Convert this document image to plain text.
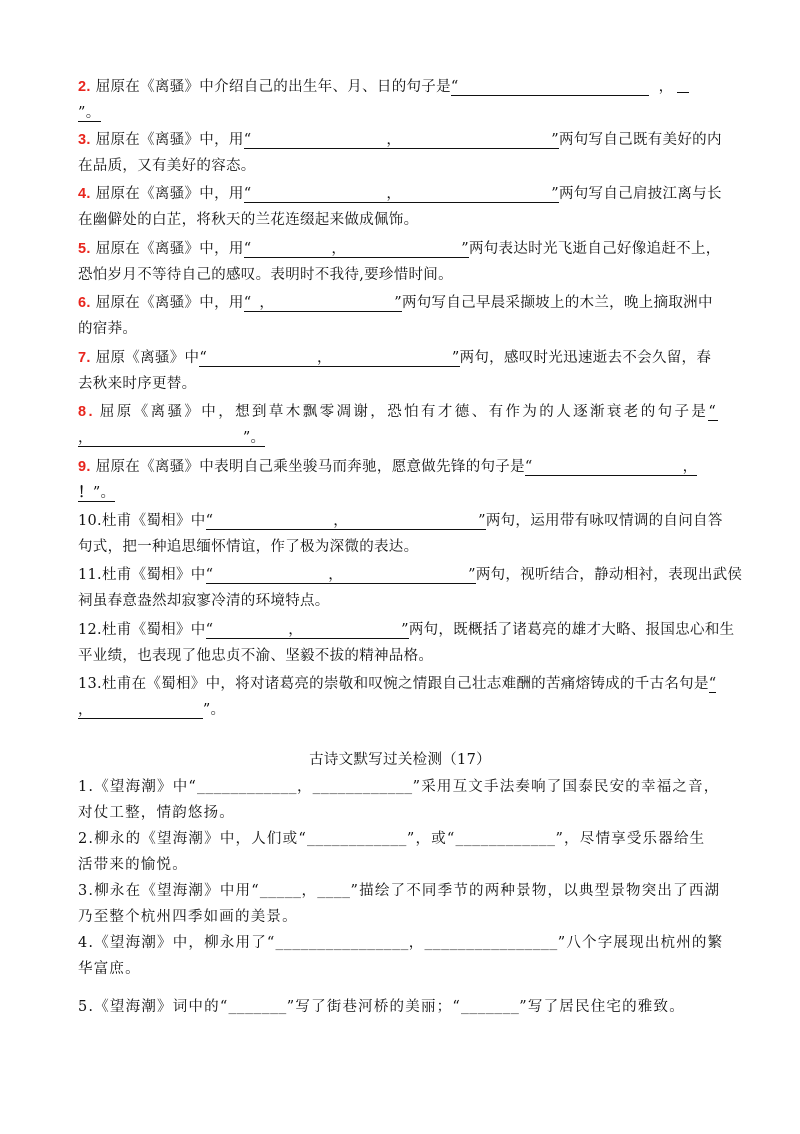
2. 屈原在《离骚》中介绍自己的出生年、月、日的句子是“	，
”。
3. 屈原在《离骚》中，用“	，	”两句写自己既有美好的内
在品质，又有美好的容态。
4. 屈原在《离骚》中，用“	，	”两句写自己肩披江离与长
在幽僻处的白芷，将秋天的兰花连缀起来做成佩饰。
5. 屈原在《离骚》中，用“	，	”两句表达时光飞逝自己好像追赶不上，
恐怕岁月不等待自己的感叹。表明时不我待,要珍惜时间。
6. 屈原在《离骚》中，用“ ，	”两句写自己早晨采撷坡上的木兰，晚上摘取洲中
的宿莽。
7. 屈原《离骚》中“	，	”两句，感叹时光迅速逝去不会久留，春
去秋来时序更替。
8. 屈原《离骚》中，想到草木飘零凋谢，恐怕有才德、有作为的人逐渐衰老的句子是“
，	”。
9. 屈原在《离骚》中表明自己乘坐骏马而奔驰，愿意做先锋的句子是“	，
！”。
10.杜甫《蜀相》中“	，	”两句，运用带有咏叹情调的自问自答
句式，把一种追思缅怀情谊，作了极为深微的表达。
11.杜甫《蜀相》中“	，	”两句，视听结合，静动相衬，表现出武侯
祠虽春意盎然却寂寥冷清的环境特点。
12.杜甫《蜀相》中“	，	”两句，既概括了诸葛亮的雄才大略、报国忠心和生
平业绩，也表现了他忠贞不渝、坚毅不拔的精神品格。
13.杜甫在《蜀相》中，将对诸葛亮的崇敬和叹惋之情跟自己壮志难酬的苦痛熔铸成的千古名句是“
，	”。
古诗文默写过关检测（17）
1.《望海潮》中“____________，____________”采用互文手法奏响了国泰民安的幸福之音，
对仗工整，情韵悠扬。
2.柳永的《望海潮》中，人们或“____________”，或“____________”，尽情享受乐器给生
活带来的愉悦。
3.柳永在《望海潮》中用“_____，____”描绘了不同季节的两种景物，以典型景物突出了西湖
乃至整个杭州四季如画的美景。
4.《望海潮》中，柳永用了“________________，________________”八个字展现出杭州的繁
华富庶。
5.《望海潮》词中的“_______”写了街巷河桥的美丽；“_______”写了居民住宅的雅致。
